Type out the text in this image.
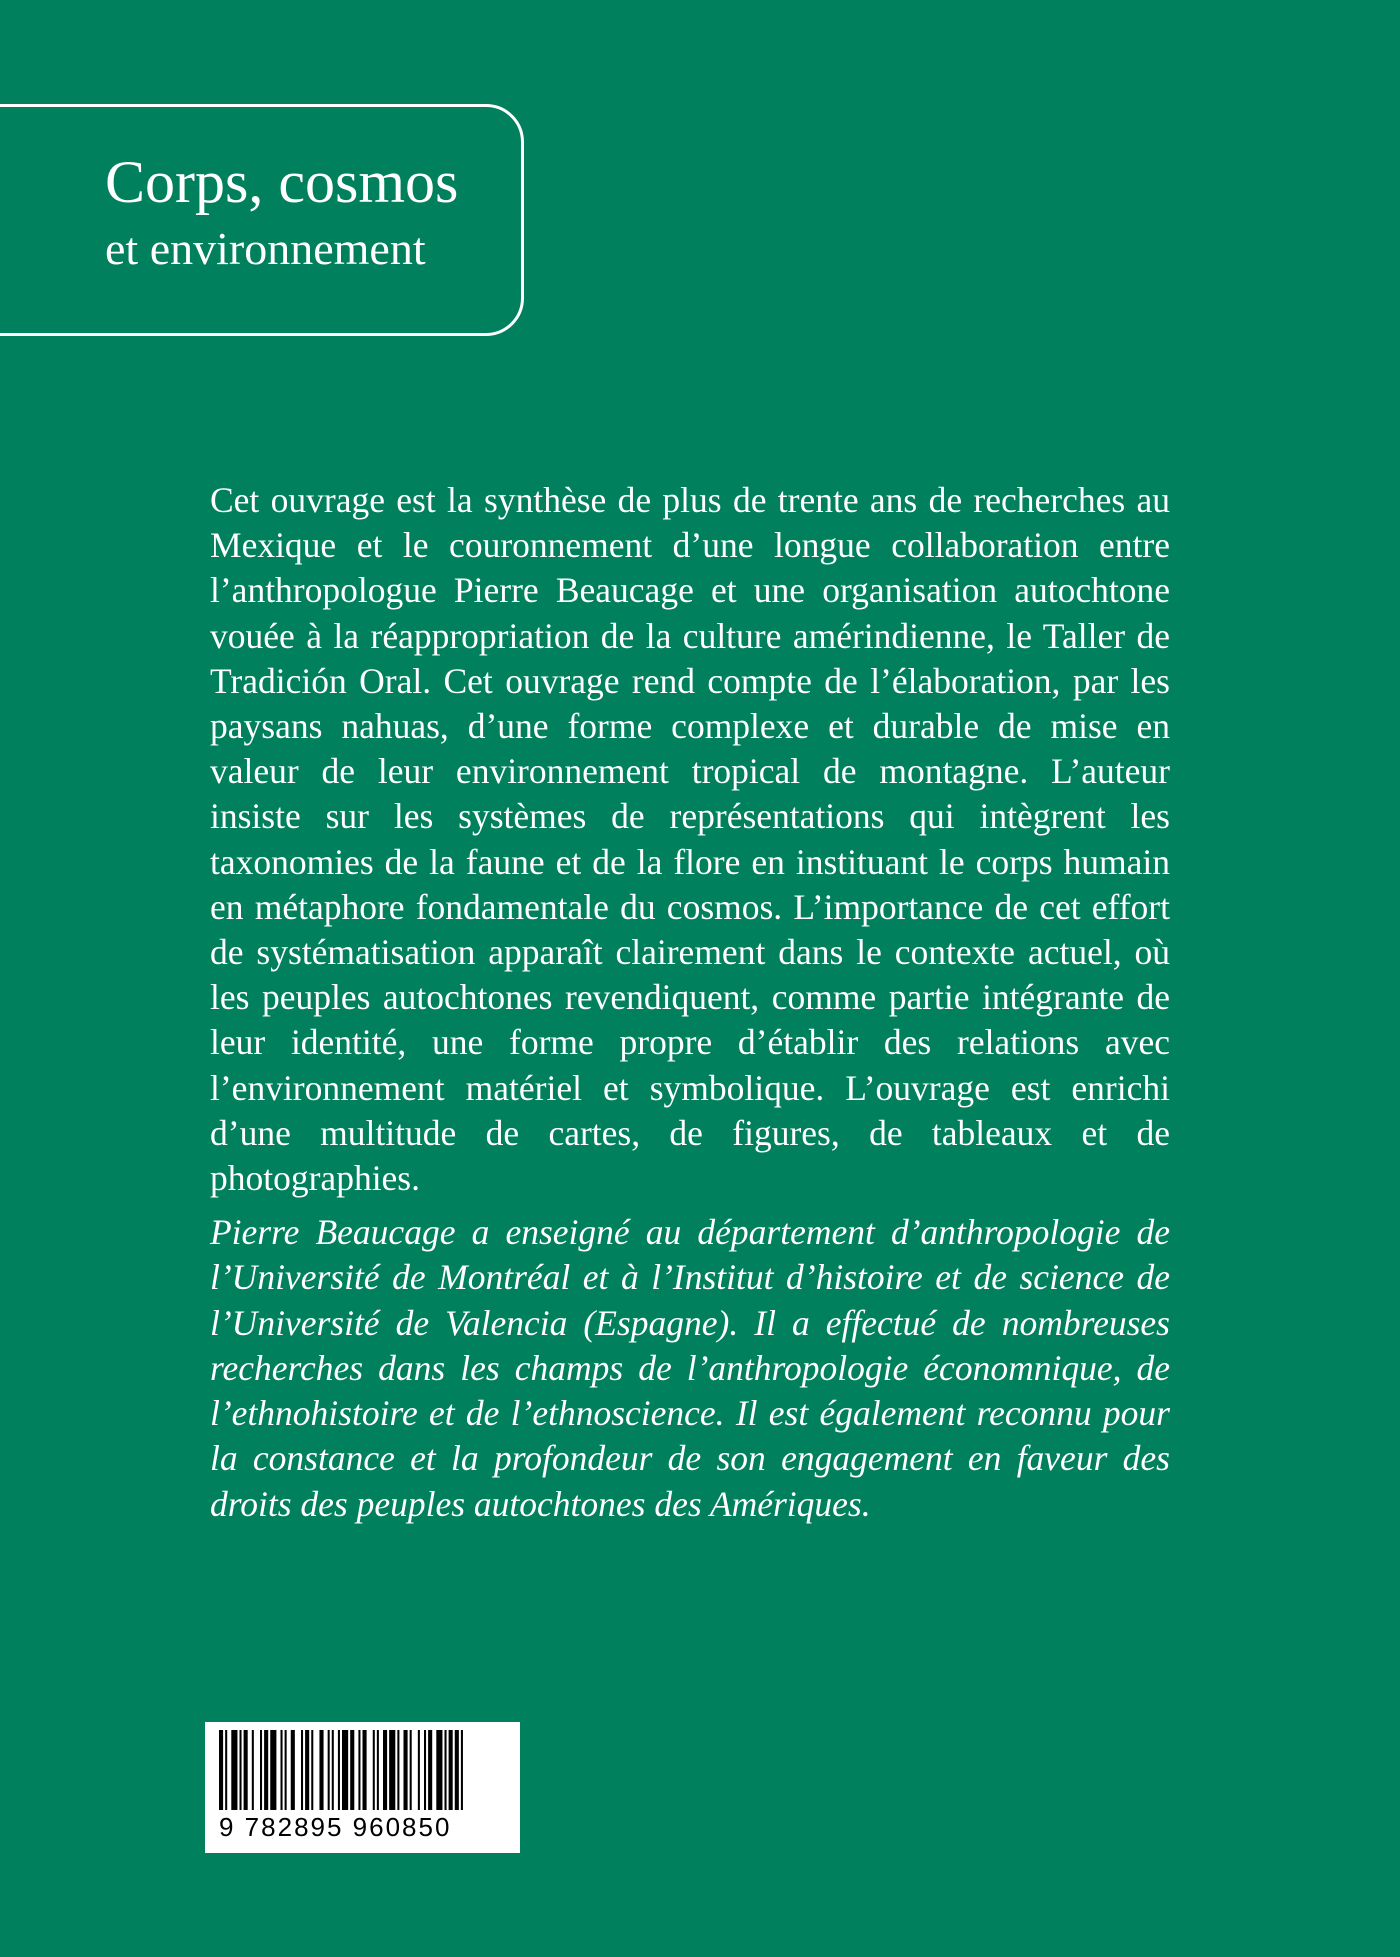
Corps, cosmos
et environnement

Cet ouvrage est la synthèse de plus de trente ans de recherches au Mexique et le couronnement d’une longue collaboration entre l’anthropologue Pierre Beaucage et une organisation autochtone vouée à la réappropriation de la culture amérindienne, le Taller de Tradición Oral. Cet ouvrage rend compte de l’élaboration, par les paysans nahuas, d’une forme complexe et durable de mise en valeur de leur environnement tropical de montagne. L’auteur insiste sur les systèmes de représentations qui intègrent les taxonomies de la faune et de la flore en instituant le corps humain en métaphore fondamentale du cosmos. L’importance de cet effort de systématisation apparaît clairement dans le contexte actuel, où les peuples autochtones revendiquent, comme partie intégrante de leur identité, une forme propre d’établir des relations avec l’environnement matériel et symbolique. L’ouvrage est enrichi d’une multitude de cartes, de figures, de tableaux et de photographies.

Pierre Beaucage a enseigné au département d’anthropologie de l’Université de Montréal et à l’Institut d’histoire et de science de l’Université de Valencia (Espagne). Il a effectué de nombreuses recherches dans les champs de l’anthropologie économnique, de l’ethnohistoire et de l’ethnoscience. Il est également reconnu pour la constance et la profondeur de son engagement en faveur des droits des peuples autochtones des Amériques.

9 782895 960850
